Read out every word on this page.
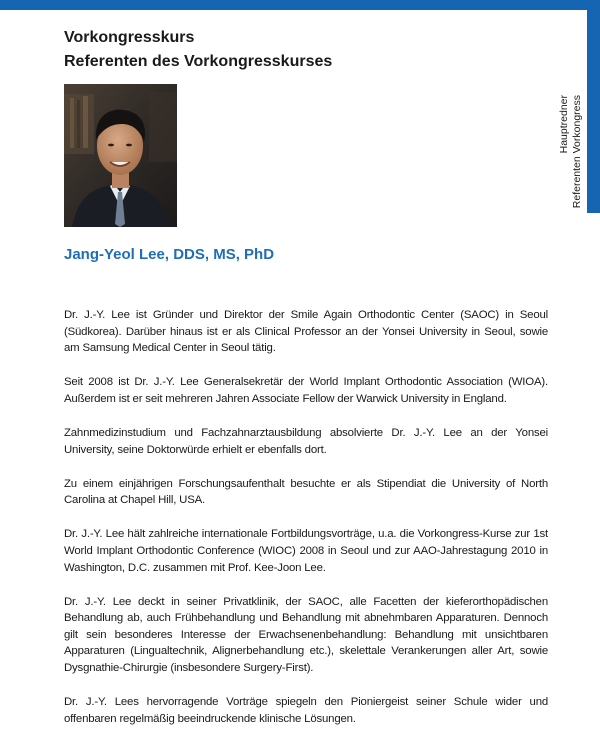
Hauptredner Referenten Vorkongress
Vorkongresskurs
Referenten des Vorkongresskurses
Jang-Yeol Lee, DDS, MS, PhD

Dr. J.-Y. Lee ist Gründer und Direktor der Smile Again Orthodontic Center (SAOC) in Seoul (Südkorea). Darüber hinaus ist er als Clinical Professor an der Yonsei University in Seoul, sowie am Samsung Medical Center in Seoul tätig.

Seit 2008 ist Dr. J.-Y. Lee Generalsekretär der World Implant Orthodontic Association (WIOA). Außerdem ist er seit mehreren Jahren Associate Fellow der Warwick University in England.

Zahnmedizinstudium und Fachzahnarztausbildung absolvierte Dr. J.-Y. Lee an der Yonsei University, seine Doktorwürde erhielt er ebenfalls dort.

Zu einem einjährigen Forschungsaufenthalt besuchte er als Stipendiat die University of North Carolina at Chapel Hill, USA.

Dr. J.-Y. Lee hält zahlreiche internationale Fortbildungsvorträge, u.a. die Vorkongress-Kurse zur 1st World Implant Orthodontic Conference (WIOC) 2008 in Seoul und zur AAO-Jahrestagung 2010 in Washington, D.C. zusammen mit Prof. Kee-Joon Lee.

Dr. J.-Y. Lee deckt in seiner Privatklinik, der SAOC, alle Facetten der kieferorthopädischen Behandlung ab, auch Frühbehandlung und Behandlung mit abnehmbaren Apparaturen. Dennoch gilt sein besonderes Interesse der Erwachsenenbehandlung: Behandlung mit unsichtbaren Apparaturen (Lingualtechnik, Alignerbehandlung etc.), skelettale Verankerungen aller Art, sowie Dysgnathie-Chirurgie (insbesondere Surgery-First).

Dr. J.-Y. Lees hervorragende Vorträge spiegeln den Pioniergeist seiner Schule wider und offenbaren regelmäßig beeindruckende klinische Lösungen.
